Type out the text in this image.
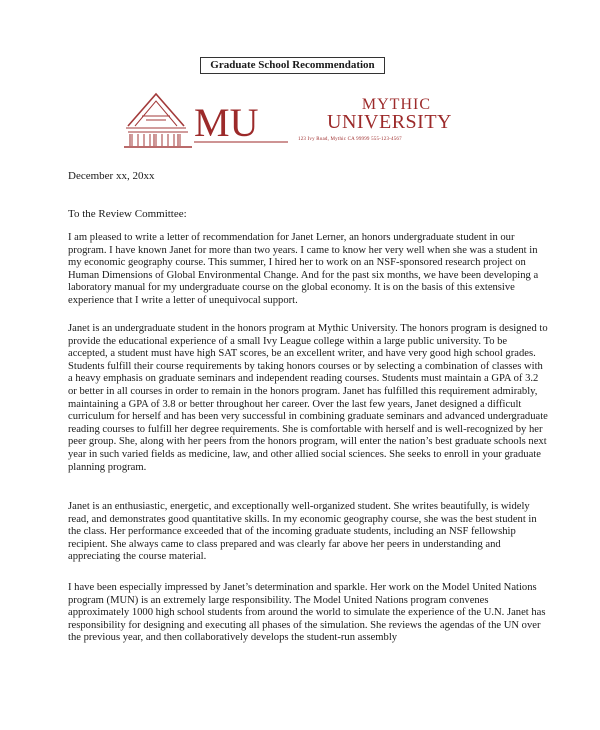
Graduate School Recommendation
MU	MYTHIC
UNIVERSITY
123 Ivy Road, Mythic CA 99999 555-123-4567
December xx, 20xx
To the Review Committee:

I am pleased to write a letter of recommendation for Janet Lerner, an honors undergraduate student in our program. I have known Janet for more than two years. I came to know her very well when she was a student in my economic geography course. This summer, I hired her to work on an NSF-sponsored research project on Human Dimensions of Global Environmental Change. And for the past six months, we have been developing a laboratory manual for my undergraduate course on the global economy. It is on the basis of this extensive experience that I write a letter of unequivocal support.

Janet is an undergraduate student in the honors program at Mythic University. The honors program is designed to provide the educational experience of a small Ivy League college within a large public university. To be accepted, a student must have high SAT scores, be an excellent writer, and have very good high school grades. Students fulfill their course requirements by taking honors courses or by selecting a combination of classes with a heavy emphasis on graduate seminars and independent reading courses. Students must maintain a GPA of 3.2 or better in all courses in order to remain in the honors program. Janet has fulfilled this requirement admirably, maintaining a GPA of 3.8 or better throughout her career. Over the last few years, Janet designed a difficult curriculum for herself and has been very successful in combining graduate seminars and advanced undergraduate reading courses to fulfill her degree requirements. She is comfortable with herself and is well-recognized by her peer group. She, along with her peers from the honors program, will enter the nation’s best graduate schools next year in such varied fields as medicine, law, and other allied social sciences. She seeks to enroll in your graduate planning program.

Janet is an enthusiastic, energetic, and exceptionally well-organized student. She writes beautifully, is widely read, and demonstrates good quantitative skills. In my economic geography course, she was the best student in the class. Her performance exceeded that of the incoming graduate students, including an NSF fellowship recipient. She always came to class prepared and was clearly far above her peers in understanding and appreciating the course material.

I have been especially impressed by Janet’s determination and sparkle. Her work on the Model United Nations program (MUN) is an extremely large responsibility. The Model United Nations program convenes approximately 1000 high school students from around the world to simulate the experience of the U.N. Janet has responsibility for designing and executing all phases of the simulation. She reviews the agendas of the UN over the previous year, and then collaboratively develops the student-run assembly
